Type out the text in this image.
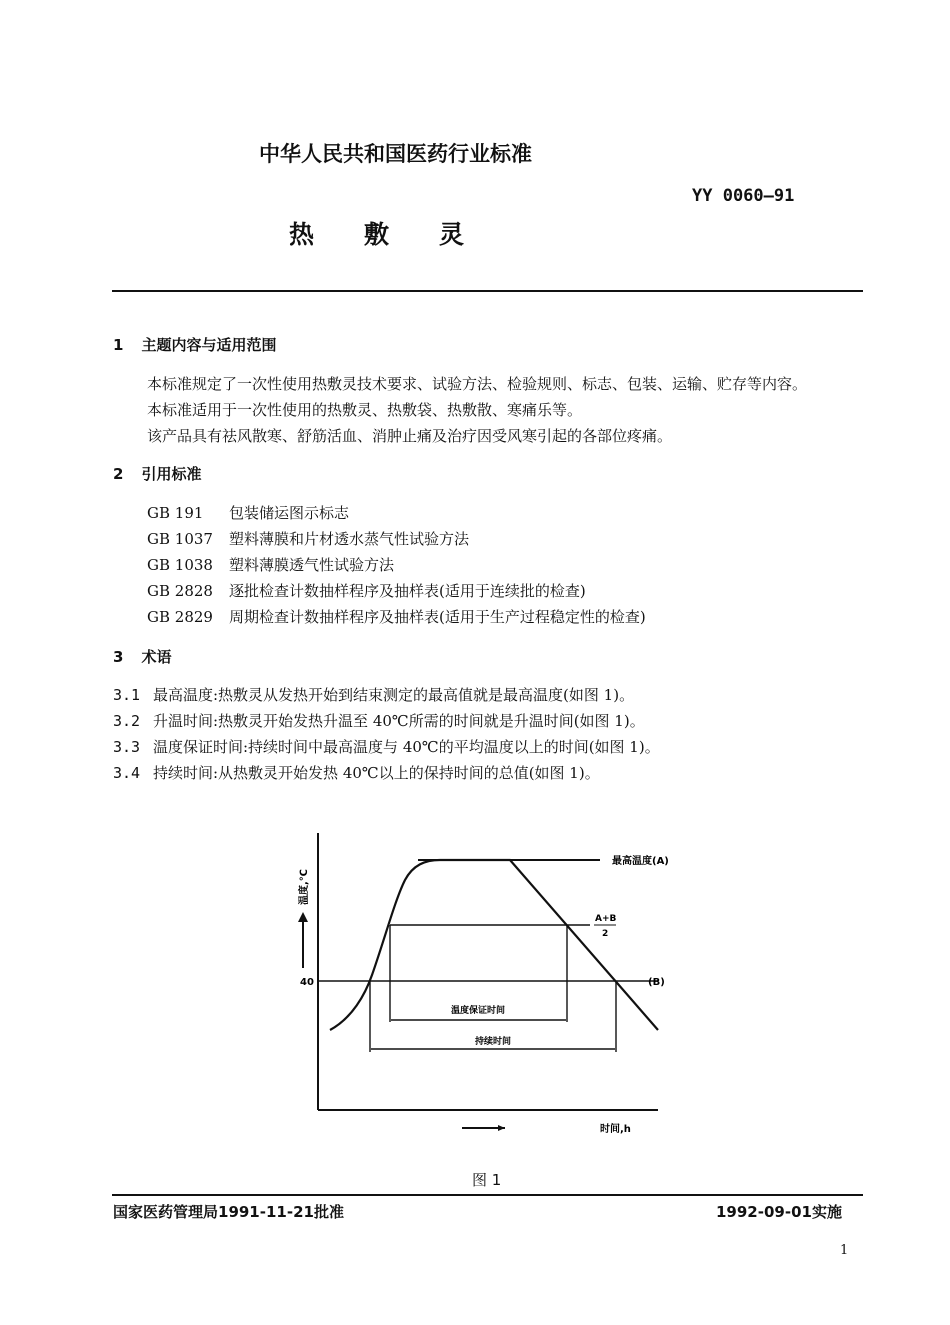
中华人民共和国医药行业标准
YY 0060—91
热　　敷　　灵
1 主题内容与适用范围
本标准规定了一次性使用热敷灵技术要求、试验方法、检验规则、标志、包装、运输、贮存等内容。
本标准适用于一次性使用的热敷灵、热敷袋、热敷散、寒痛乐等。
该产品具有祛风散寒、舒筋活血、消肿止痛及治疗因受风寒引起的各部位疼痛。
2 引用标准
GB 191 包装储运图示标志
GB 1037 塑料薄膜和片材透水蒸气性试验方法
GB 1038 塑料薄膜透气性试验方法
GB 2828 逐批检查计数抽样程序及抽样表(适用于连续批的检查)
GB 2829 周期检查计数抽样程序及抽样表(适用于生产过程稳定性的检查)
3 术语
3.1 最高温度:热敷灵从发热开始到结束测定的最高值就是最高温度(如图 1)。
3.2 升温时间:热敷灵开始发热升温至 40℃所需的时间就是升温时间(如图 1)。
3.3 温度保证时间:持续时间中最高温度与 40℃的平均温度以上的时间(如图 1)。
3.4 持续时间:从热敷灵开始发热 40℃以上的保持时间的总值(如图 1)。
40
温度,℃
时间,h
最高温度(A)
A+B
2
(B)
温度保证时间
持续时间
图 1
国家医药管理局1991-11-21批准	1992-09-01实施
1
